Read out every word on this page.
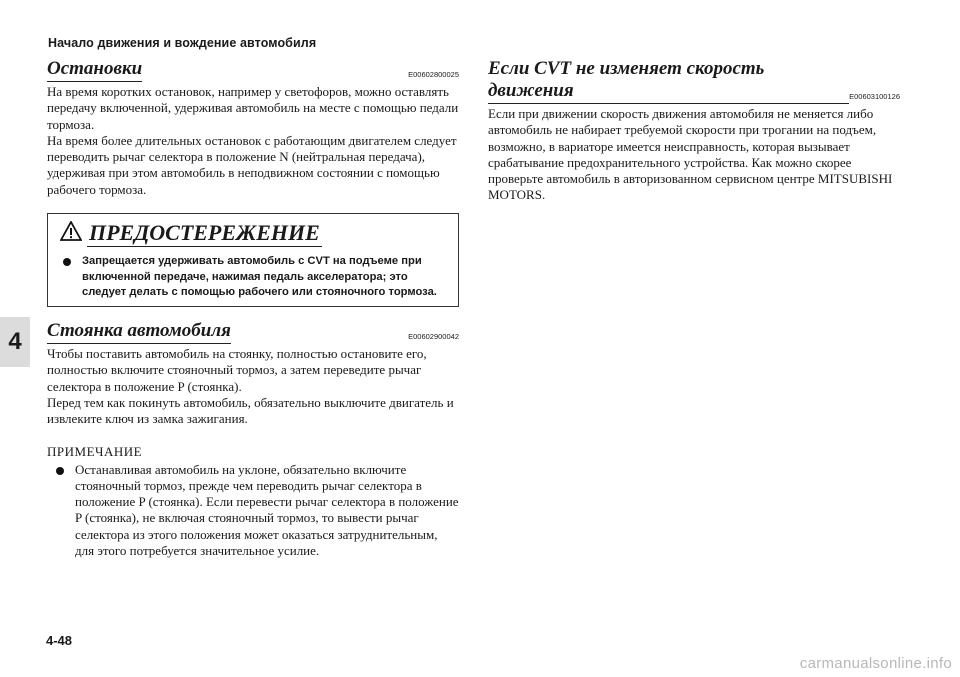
Начало движения и вождение автомобиля
4
Остановки	E00602800025

На время коротких остановок, например у светофоров, можно оставлять передачу включенной, удерживая автомобиль на месте с помощью педали тормоза.

На время более длительных остановок с работающим двигателем следует переводить рычаг селектора в положение N (нейтральная передача), удерживая при этом автомобиль в неподвижном состоянии с помощью рабочего тормоза.

ПРЕДОСТЕРЕЖЕНИЕ
Запрещается удерживать автомобиль с CVT на подъеме при включенной передаче, нажимая педаль акселератора; это следует делать с помощью рабочего или стояночного тормоза.
Стоянка автомобиля	E00602900042

Чтобы поставить автомобиль на стоянку, полностью остановите его, полностью включите стояночный тормоз, а затем переведите рычаг селектора в положение P (стоянка).

Перед тем как покинуть автомобиль, обязательно выключите двигатель и извлеките ключ из замка зажигания.

ПРИМЕЧАНИЕ
Останавливая автомобиль на уклоне, обязательно включите стояночный тормоз, прежде чем переводить рычаг селектора в положение P (стоянка). Если перевести рычаг селектора в положение P (стоянка), не включая стояночный тормоз, то вывести рычаг селектора из этого положения может оказаться затруднительным, для этого потребуется значительное усилие.
Если CVT не изменяет скорость движения	E00603100126

Если при движении скорость движения автомобиля не меняется либо автомобиль не набирает требуемой скорости при трогании на подъем, возможно, в вариаторе имеется неисправность, которая вызывает срабатывание предохранительного устройства. Как можно скорее проверьте автомобиль в авторизованном сервисном центре MITSUBISHI MOTORS.

4-48
carmanualsonline.info
